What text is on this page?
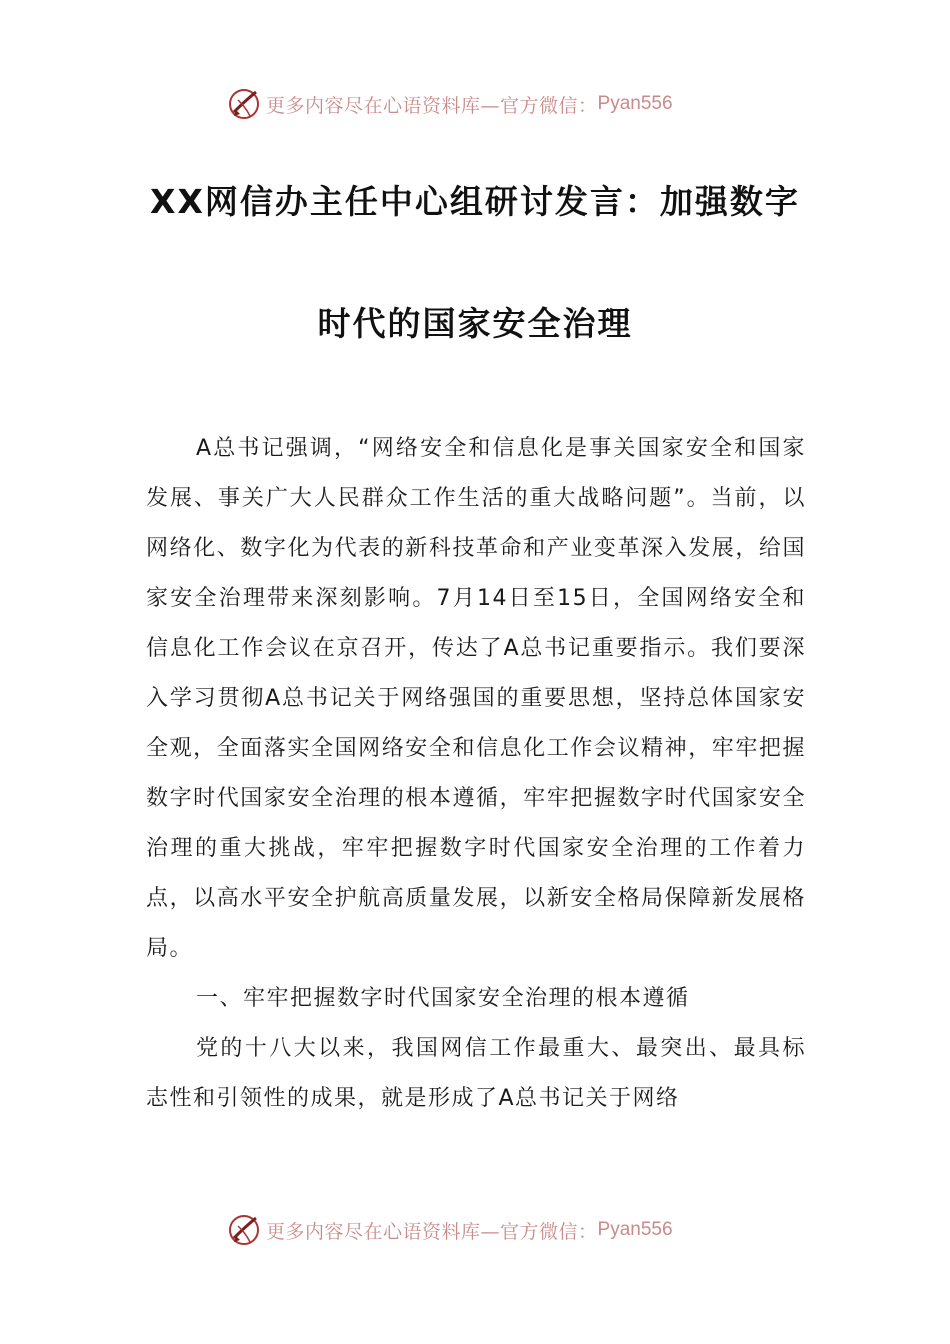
更多内容尽在心语资料库—官方微信： Pyan556
XX网信办主任中心组研讨发言：加强数字
时代的国家安全治理

A总书记强调，“网络安全和信息化是事关国家安全和国家发展、事关广大人民群众工作生活的重大战略问题”。当前，以网络化、数字化为代表的新科技革命和产业变革深入发展，给国家安全治理带来深刻影响。7月14日至15日，全国网络安全和信息化工作会议在京召开，传达了A总书记重要指示。我们要深入学习贯彻A总书记关于网络强国的重要思想，坚持总体国家安全观，全面落实全国网络安全和信息化工作会议精神，牢牢把握数字时代国家安全治理的根本遵循，牢牢把握数字时代国家安全治理的重大挑战，牢牢把握数字时代国家安全治理的工作着力点，以高水平安全护航高质量发展，以新安全格局保障新发展格局。

一、牢牢把握数字时代国家安全治理的根本遵循

党的十八大以来，我国网信工作最重大、最突出、最具标志性和引领性的成果，就是形成了A总书记关于网络

更多内容尽在心语资料库—官方微信： Pyan556
